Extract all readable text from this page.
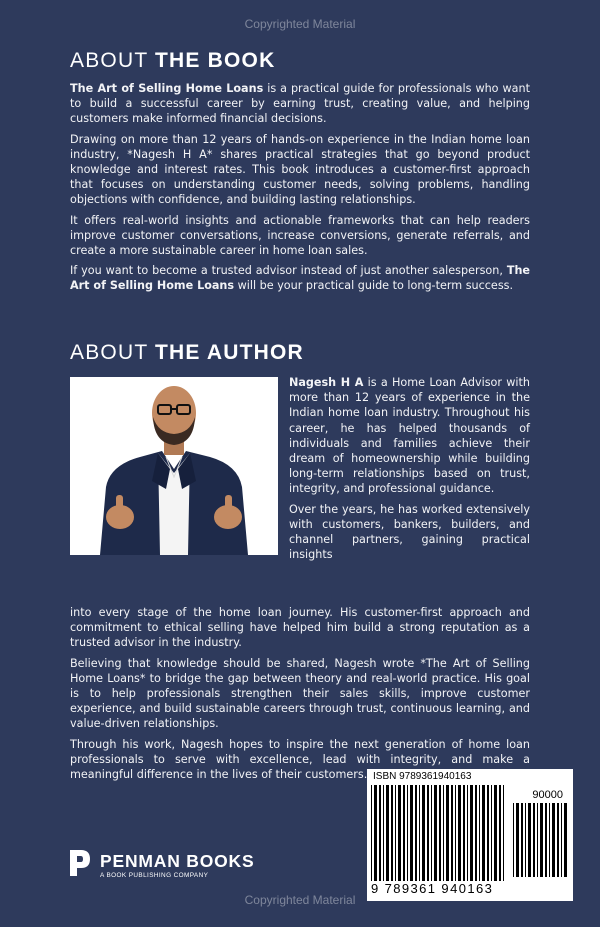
Copyrighted Material
ABOUT THE BOOK

The Art of Selling Home Loans is a practical guide for professionals who want to build a successful career by earning trust, creating value, and helping customers make informed financial decisions.

Drawing on more than 12 years of hands-on experience in the Indian home loan industry, *Nagesh H A* shares practical strategies that go beyond product knowledge and interest rates. This book introduces a customer-first approach that focuses on understanding customer needs, solving problems, handling objections with confidence, and building lasting relationships.

It offers real-world insights and actionable frameworks that can help readers improve customer conversations, increase conversions, generate referrals, and create a more sustainable career in home loan sales.

If you want to become a trusted advisor instead of just another salesperson, The Art of Selling Home Loans will be your practical guide to long-term success.

ABOUT THE AUTHOR

Nagesh H A is a Home Loan Advisor with more than 12 years of experience in the Indian home loan industry. Throughout his career, he has helped thousands of individuals and families achieve their dream of homeownership while building long-term relationships based on trust, integrity, and professional guidance.

Over the years, he has worked extensively with customers, bankers, builders, and channel partners, gaining practical insights

into every stage of the home loan journey. His customer-first approach and commitment to ethical selling have helped him build a strong reputation as a trusted advisor in the industry.

Believing that knowledge should be shared, Nagesh wrote *The Art of Selling Home Loans* to bridge the gap between theory and real-world practice. His goal is to help professionals strengthen their sales skills, improve customer experience, and build sustainable careers through trust, continuous learning, and value-driven relationships.

Through his work, Nagesh hopes to inspire the next generation of home loan professionals to serve with excellence, lead with integrity, and make a meaningful difference in the lives of their customers.

PENMAN BOOKS
A BOOK PUBLISHING COMPANY
ISBN 9789361940163
90000
9 789361 940163
Copyrighted Material
